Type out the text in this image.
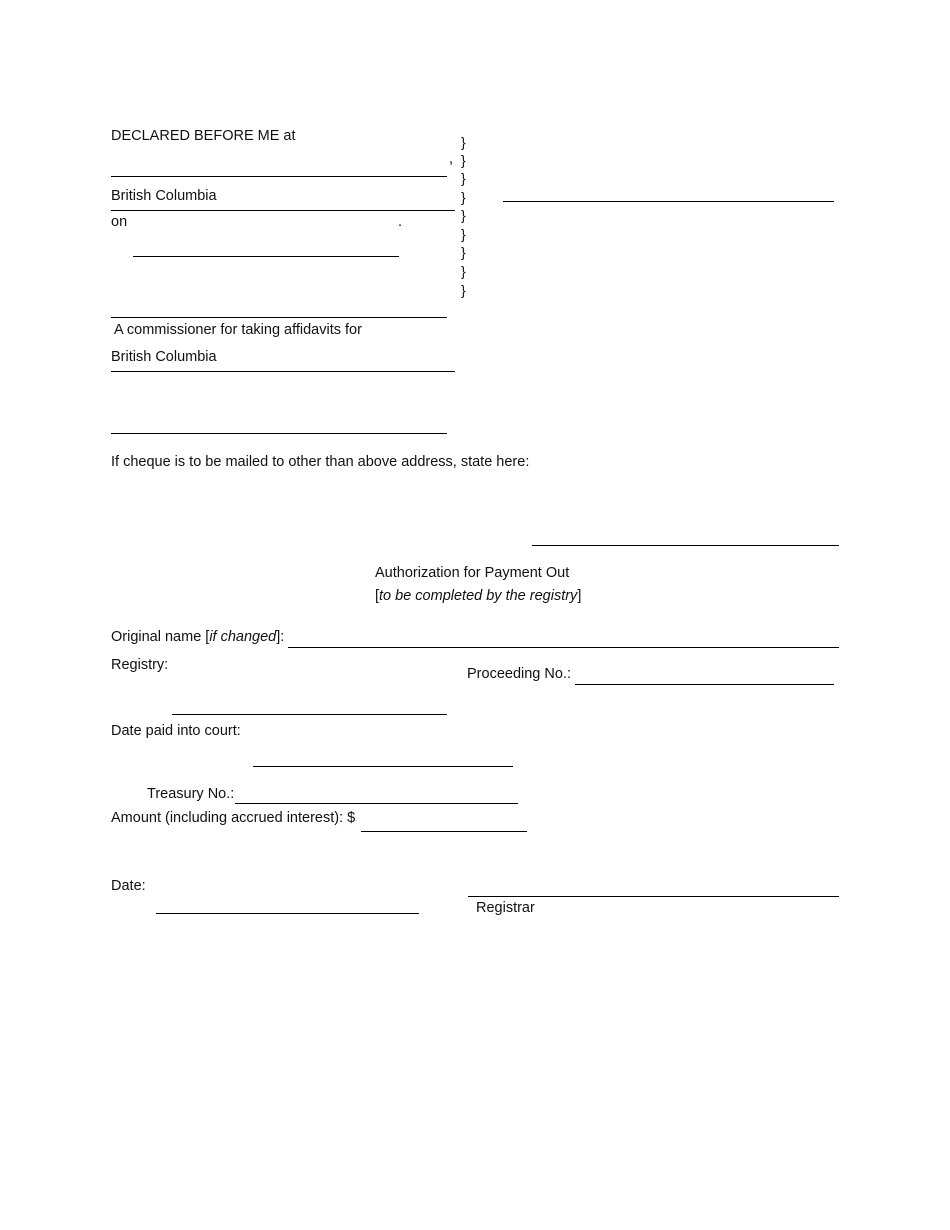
DECLARED BEFORE ME at
,
British Columbia
on	.
}
}
}
}
}
}
}
}
}
A commissioner for taking affidavits for
British Columbia
If cheque is to be mailed to other than above address, state here:
Authorization for Payment Out
[to be completed by the registry]
Original name [if changed]:
Registry:
Proceeding No.:
Date paid into court:
Treasury No.:
Amount (including accrued interest): $
Date:
Registrar
